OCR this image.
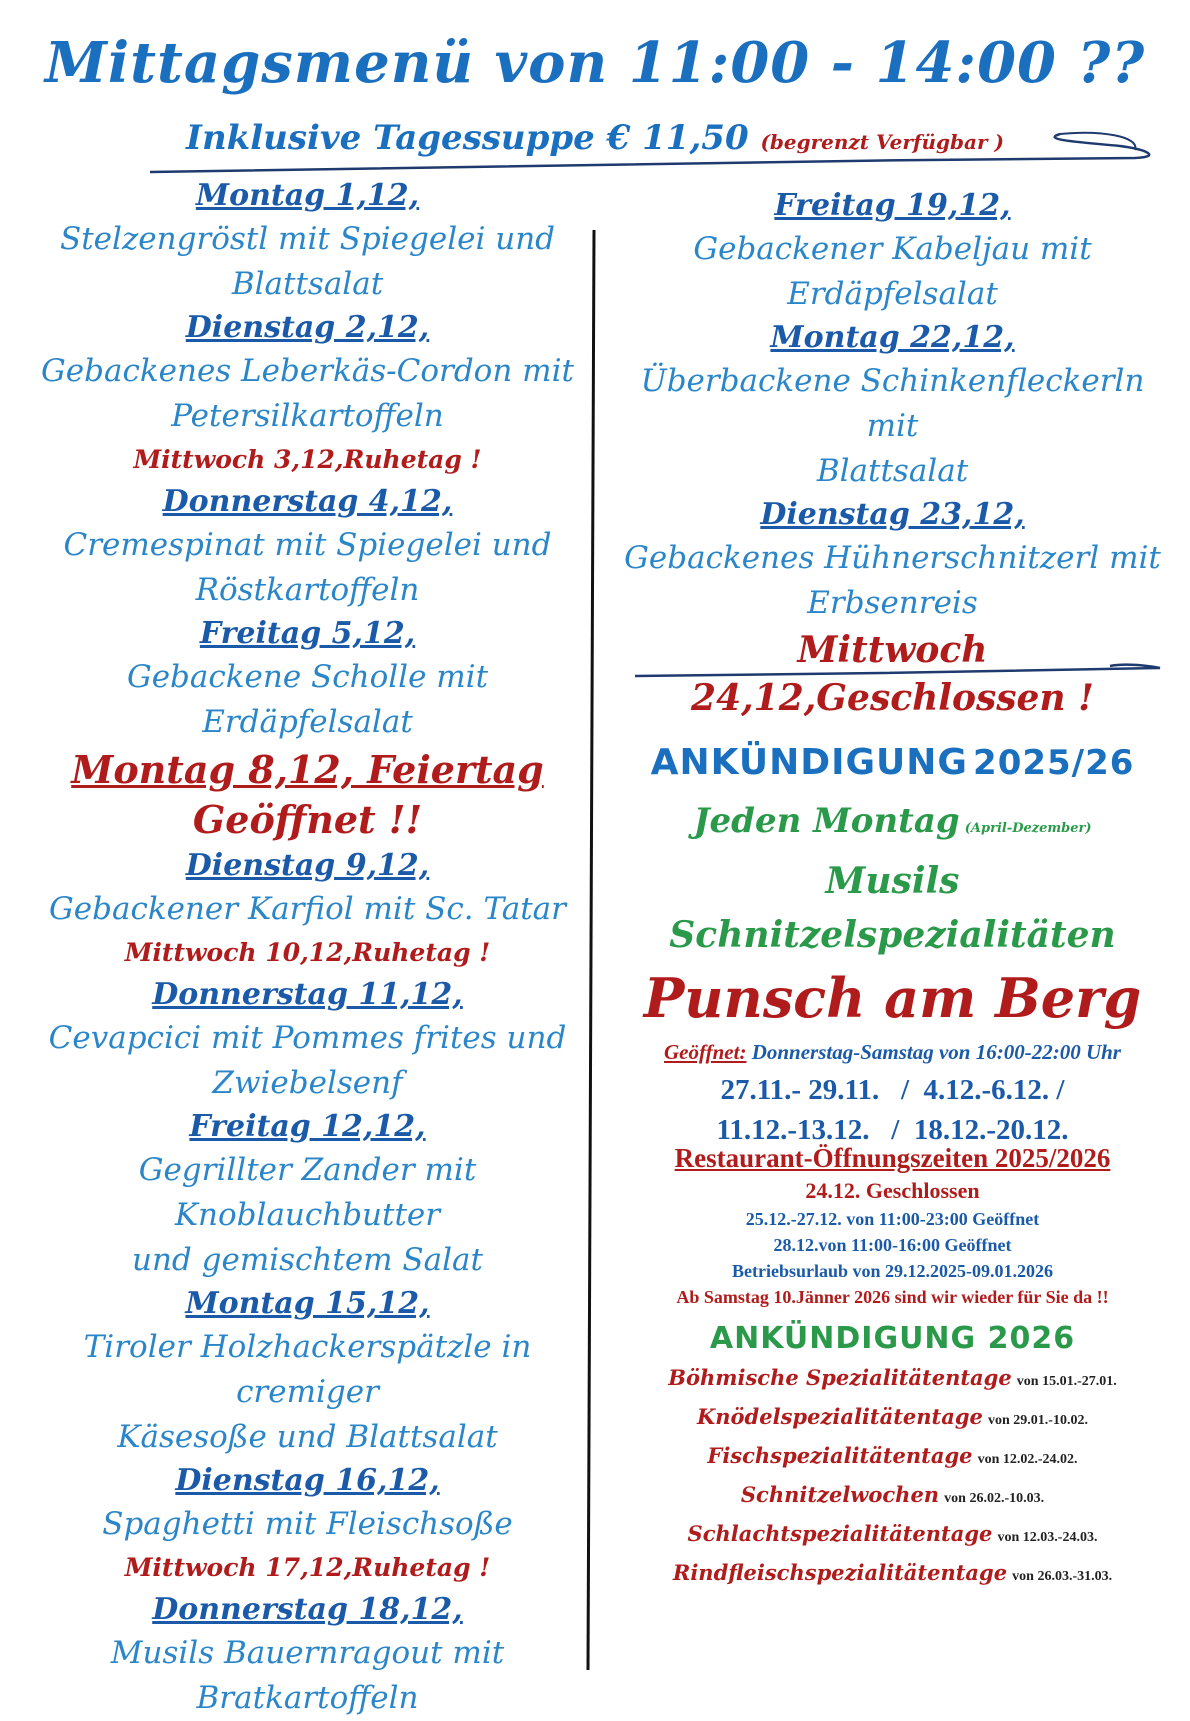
Mittagsmenü von 11:00 - 14:00 ??
Inklusive Tagessuppe € 11,50 (begrenzt Verfügbar )
Montag 1,12,
Stelzengröstl mit Spiegelei und
Blattsalat
Dienstag 2,12,
Gebackenes Leberkäs-Cordon mit
Petersilkartoffeln
Mittwoch 3,12,Ruhetag !
Donnerstag 4,12,
Cremespinat mit Spiegelei und
Röstkartoffeln
Freitag 5,12,
Gebackene Scholle mit Erdäpfelsalat
Montag 8,12, Feiertag
Geöffnet !!
Dienstag 9,12,
Gebackener Karfiol mit Sc. Tatar
Mittwoch 10,12,Ruhetag !
Donnerstag 11,12,
Cevapcici mit Pommes frites und
Zwiebelsenf
Freitag 12,12,
Gegrillter Zander mit Knoblauchbutter
und gemischtem Salat
Montag 15,12,
Tiroler Holzhackerspätzle in cremiger
Käsesoße und Blattsalat
Dienstag 16,12,
Spaghetti mit Fleischsoße
Mittwoch 17,12,Ruhetag !
Donnerstag 18,12,
Musils Bauernragout mit
Bratkartoffeln
Freitag 19,12,
Gebackener Kabeljau mit
Erdäpfelsalat
Montag 22,12,
Überbackene Schinkenfleckerln mit
Blattsalat
Dienstag 23,12,
Gebackenes Hühnerschnitzerl mit
Erbsenreis
Mittwoch 24,12,Geschlossen !
ANKÜNDIGUNG 2025/26
Jeden Montag (April-Dezember)
Musils Schnitzelspezialitäten
Punsch am Berg
Geöffnet: Donnerstag-Samstag von 16:00-22:00 Uhr
27.11.- 29.11.   /  4.12.-6.12. /
11.12.-13.12.   /  18.12.-20.12.
Restaurant-Öffnungszeiten 2025/2026
24.12. Geschlossen
25.12.-27.12. von 11:00-23:00 Geöffnet
28.12.von 11:00-16:00 Geöffnet
Betriebsurlaub von 29.12.2025-09.01.2026
Ab Samstag 10.Jänner 2026 sind wir wieder für Sie da !!
ANKÜNDIGUNG 2026
Böhmische Spezialitätentage von 15.01.-27.01.
Knödelspezialitätentage von 29.01.-10.02.
Fischspezialitätentage von 12.02.-24.02.
Schnitzelwochen von 26.02.-10.03.
Schlachtspezialitätentage von 12.03.-24.03.
Rindfleischspezialitätentage von 26.03.-31.03.
